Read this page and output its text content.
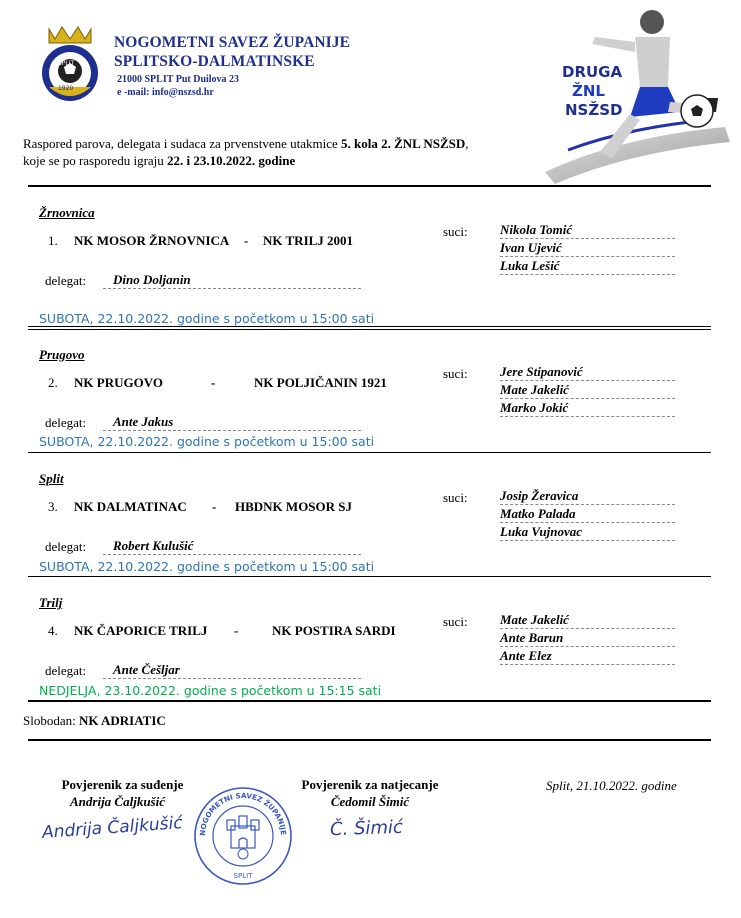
SPLIT
1920
NOGOMETNI SAVEZ ŽUPANIJE
SPLITSKO-DALMATINSKE
21000 SPLIT Put Duilova 23
e -mail: info@nszsd.hr
DRUGA
ŽNL
NSŽSD
Raspored parova, delegata i sudaca za prvenstvene utakmice 5. kola 2. ŽNL NSŽSD,
koje se po rasporedu igraju 22. i 23.10.2022. godine
Žrnovnica
1. NK MOSOR ŽRNOVNICA - NK TRILJ 2001
suci: Nikola Tomić
Ivan Ujević
Luka Lešić
delegat:	Dino Doljanin
SUBOTA, 22.10.2022. godine s početkom u 15:00 sati
Prugovo
2. NK PRUGOVO	-	NK POLJIČANIN 1921
suci: Jere Stipanović
Mate Jakelić
Marko Jokić
delegat:	Ante Jakus
SUBOTA, 22.10.2022. godine s početkom u 15:00 sati
Split
3. NK DALMATINAC - HBDNK MOSOR SJ
suci: Josip Žeravica
Matko Palada
Luka Vujnovac
delegat:	Robert Kulušić
SUBOTA, 22.10.2022. godine s početkom u 15:00 sati
Trilj
4. NK ČAPORICE TRILJ -	NK POSTIRA SARDI
suci: Mate Jakelić
Ante Barun
Ante Elez
delegat:	Ante Češljar
NEDJELJA, 23.10.2022. godine s početkom u 15:15 sati
Slobodan: NK ADRIATIC
Povjerenik za suđenje
Andrija Čaljkušić
Povjerenik za natjecanje
Čedomil Šimić
Split, 21.10.2022. godine
Andrija Čaljkušić	Č. Šimić
NOGOMETNI SAVEZ ŽUPANIJE
SPLIT
